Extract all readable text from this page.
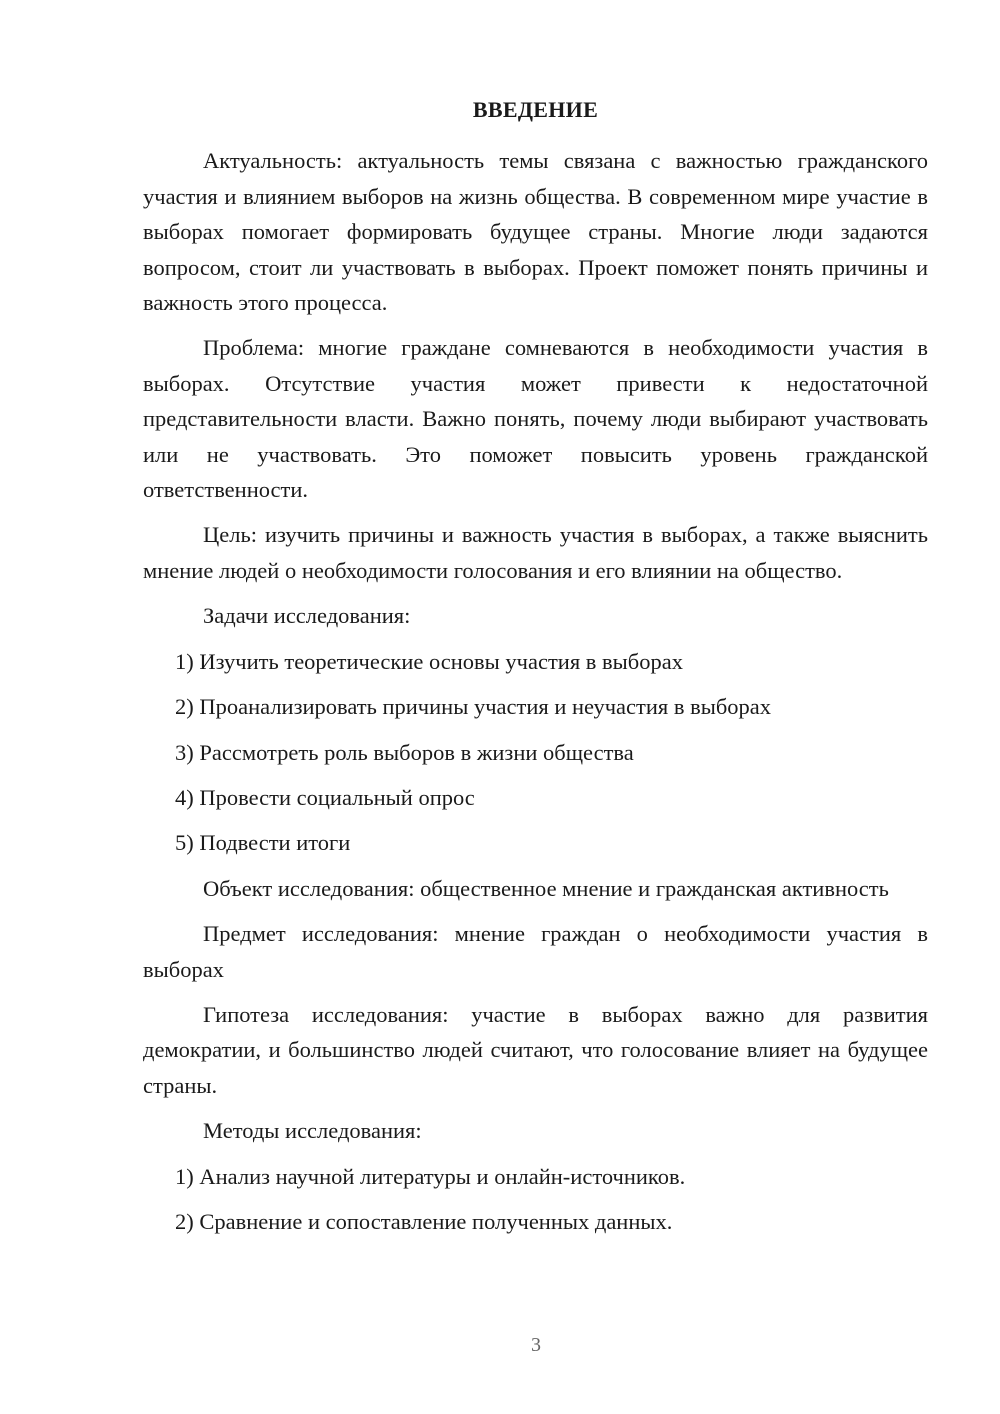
ВВЕДЕНИЕ

Актуальность: актуальность темы связана с важностью гражданского участия и влиянием выборов на жизнь общества. В современном мире участие в выборах помогает формировать будущее страны. Многие люди задаются вопросом, стоит ли участвовать в выборах. Проект поможет понять причины и важность этого процесса.

Проблема: многие граждане сомневаются в необходимости участия в выборах. Отсутствие участия может привести к недостаточной представительности власти. Важно понять, почему люди выбирают участвовать или не участвовать. Это поможет повысить уровень гражданской ответственности.

Цель: изучить причины и важность участия в выборах, а также выяснить мнение людей о необходимости голосования и его влиянии на общество.

Задачи исследования:

1) Изучить теоретические основы участия в выборах
2) Проанализировать причины участия и неучастия в выборах
3) Рассмотреть роль выборов в жизни общества
4) Провести социальный опрос
5) Подвести итоги

Объект исследования: общественное мнение и гражданская активность

Предмет исследования: мнение граждан о необходимости участия в выборах

Гипотеза исследования: участие в выборах важно для развития демократии, и большинство людей считают, что голосование влияет на будущее страны.

Методы исследования:

1) Анализ научной литературы и онлайн-источников.
2) Сравнение и сопоставление полученных данных.
3
